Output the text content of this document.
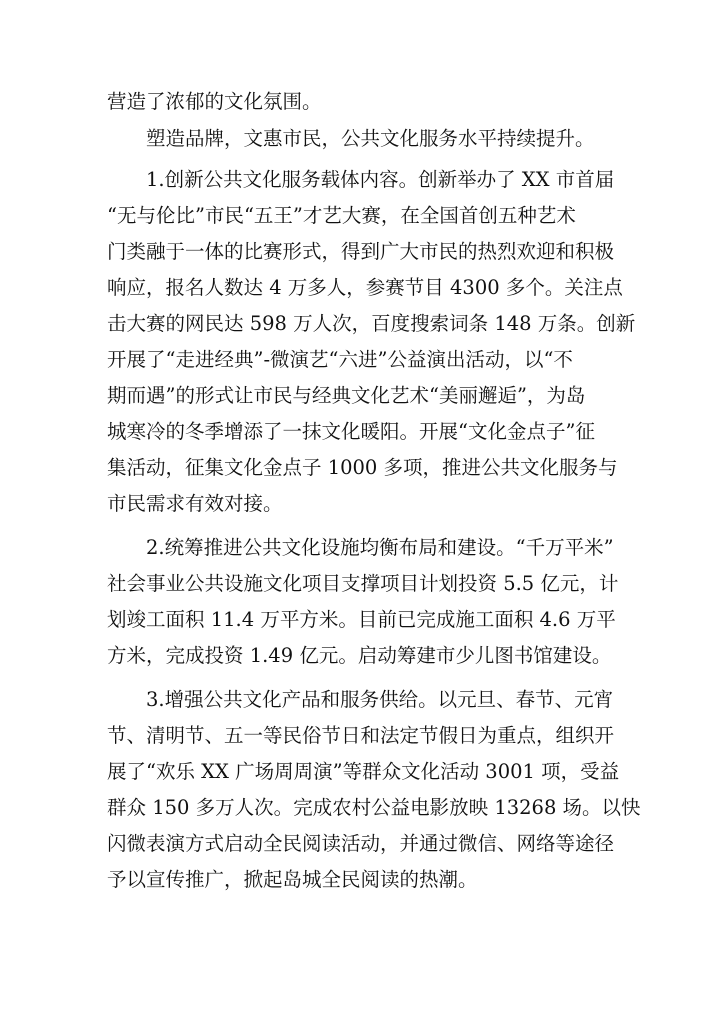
营造了浓郁的文化氛围。

塑造品牌，文惠市民，公共文化服务水平持续提升。

1.创新公共文化服务载体内容。创新举办了 XX 市首届

“无与伦比”市民“五王”才艺大赛，在全国首创五种艺术

门类融于一体的比赛形式，得到广大市民的热烈欢迎和积极

响应，报名人数达 4 万多人，参赛节目 4300 多个。关注点

击大赛的网民达 598 万人次，百度搜索词条 148 万条。创新

开展了“走进经典”-微演艺“六进”公益演出活动，以“不

期而遇”的形式让市民与经典文化艺术“美丽邂逅”，为岛

城寒冷的冬季增添了一抹文化暖阳。开展“文化金点子”征

集活动，征集文化金点子 1000 多项，推进公共文化服务与

市民需求有效对接。

2.统筹推进公共文化设施均衡布局和建设。“千万平米”

社会事业公共设施文化项目支撑项目计划投资 5.5 亿元，计

划竣工面积 11.4 万平方米。目前已完成施工面积 4.6 万平

方米，完成投资 1.49 亿元。启动筹建市少儿图书馆建设。

3.增强公共文化产品和服务供给。以元旦、春节、元宵

节、清明节、五一等民俗节日和法定节假日为重点，组织开

展了“欢乐 XX 广场周周演”等群众文化活动 3001 项，受益

群众 150 多万人次。完成农村公益电影放映 13268 场。以快

闪微表演方式启动全民阅读活动，并通过微信、网络等途径

予以宣传推广，掀起岛城全民阅读的热潮。
